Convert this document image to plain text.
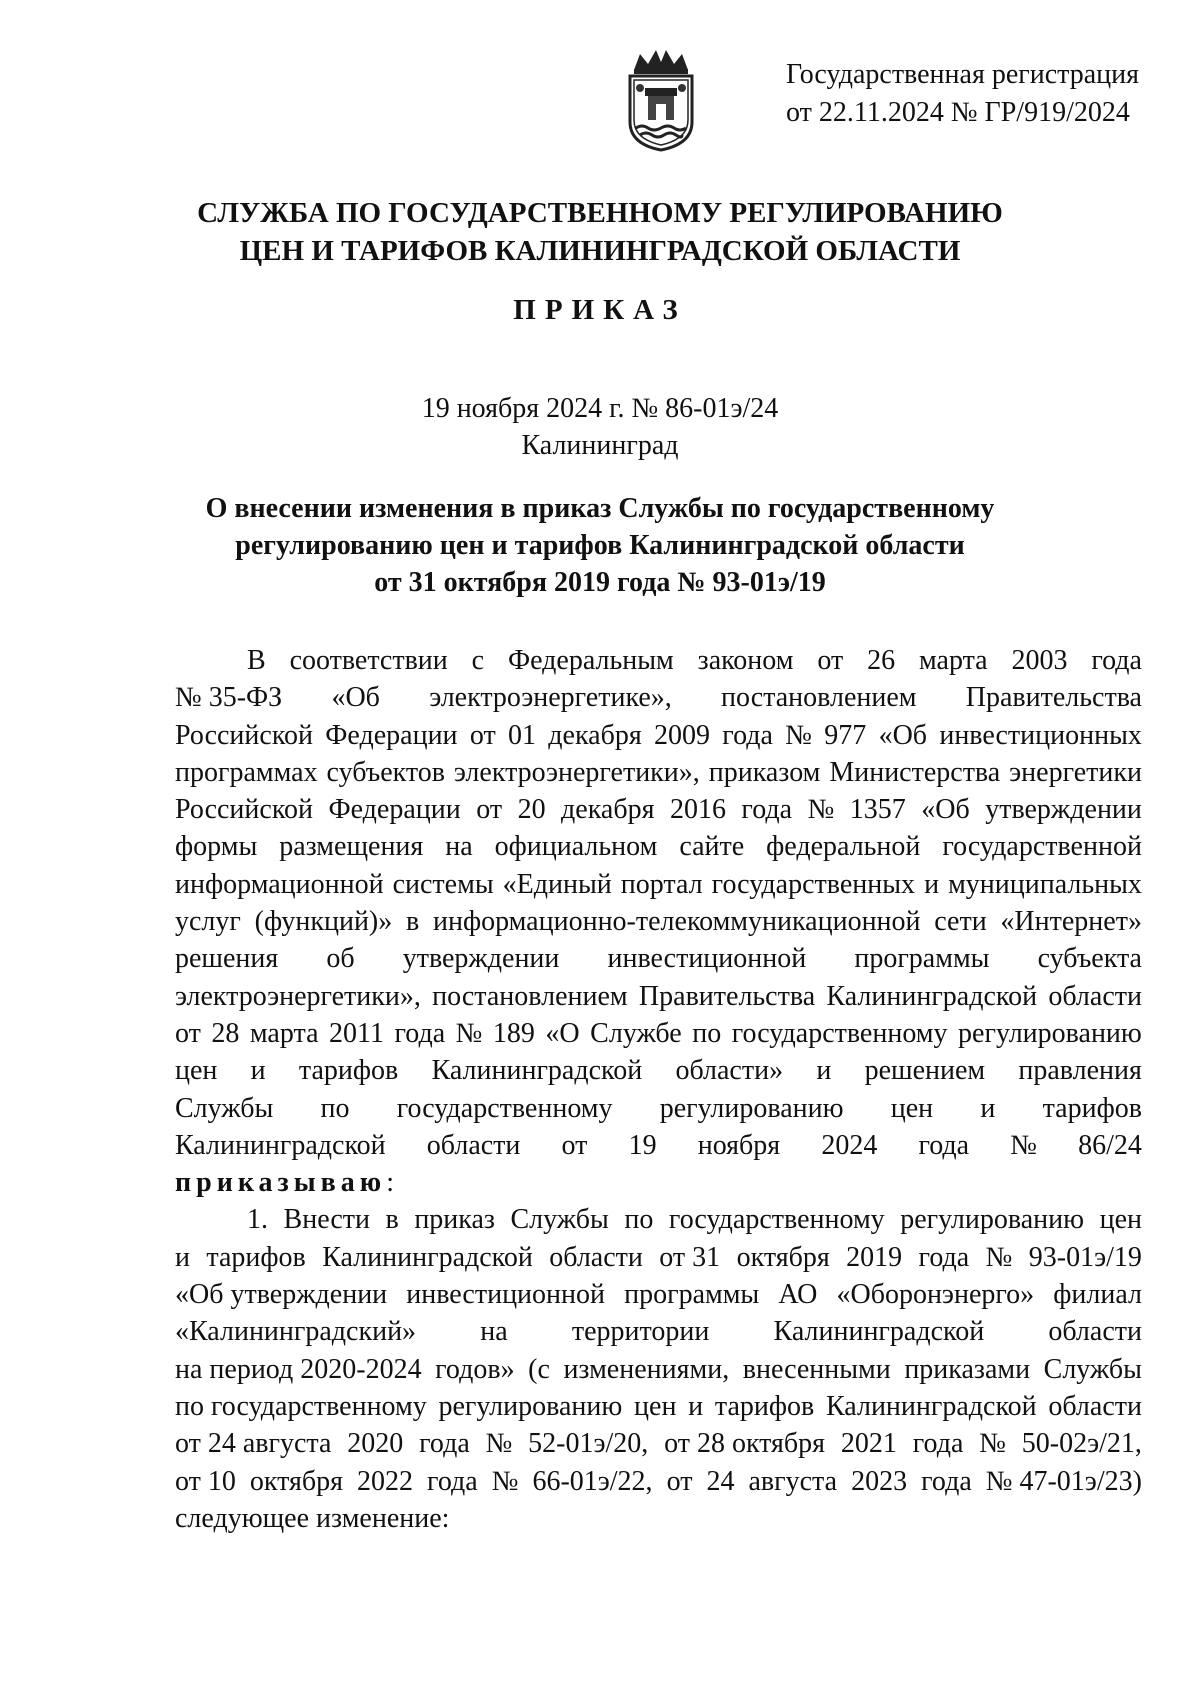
Государственная регистрация
от 22.11.2024 № ГР/919/2024
СЛУЖБА ПО ГОСУДАРСТВЕННОМУ РЕГУЛИРОВАНИЮ
ЦЕН И ТАРИФОВ КАЛИНИНГРАДСКОЙ ОБЛАСТИ
ПРИКАЗ
19 ноября 2024 г. № 86-01э/24
Калининград
О внесении изменения в приказ Службы по государственному
регулированию цен и тарифов Калининградской области
от 31 октября 2019 года № 93-01э/19
В соответствии с Федеральным законом от 26 марта 2003 года
№ 35-ФЗ «Об электроэнергетике», постановлением Правительства
Российской Федерации от 01 декабря 2009 года № 977 «Об инвестиционных
программах субъектов электроэнергетики», приказом Министерства энергетики
Российской Федерации от 20 декабря 2016 года № 1357 «Об утверждении
формы размещения на официальном сайте федеральной государственной
информационной системы «Единый портал государственных и муниципальных
услуг (функций)» в информационно-телекоммуникационной сети «Интернет»
решения об утверждении инвестиционной программы субъекта
электроэнергетики», постановлением Правительства Калининградской области
от 28 марта 2011 года № 189 «О Службе по государственному регулированию
цен и тарифов Калининградской области» и решением правления
Службы по государственному регулированию цен и тарифов
Калининградской области от 19 ноября 2024 года № 86/24
приказываю:
1. Внести в приказ Службы по государственному регулированию цен
и тарифов Калининградской области от 31 октября 2019 года № 93-01э/19
«Об утверждении инвестиционной программы АО «Оборонэнерго» филиал
«Калининградский» на территории Калининградской области
на период 2020-2024 годов» (с изменениями, внесенными приказами Службы
по государственному регулированию цен и тарифов Калининградской области
от 24 августа 2020 года № 52-01э/20, от 28 октября 2021 года № 50-02э/21,
от 10 октября 2022 года № 66-01э/22, от 24 августа 2023 года № 47-01э/23)
следующее изменение:
